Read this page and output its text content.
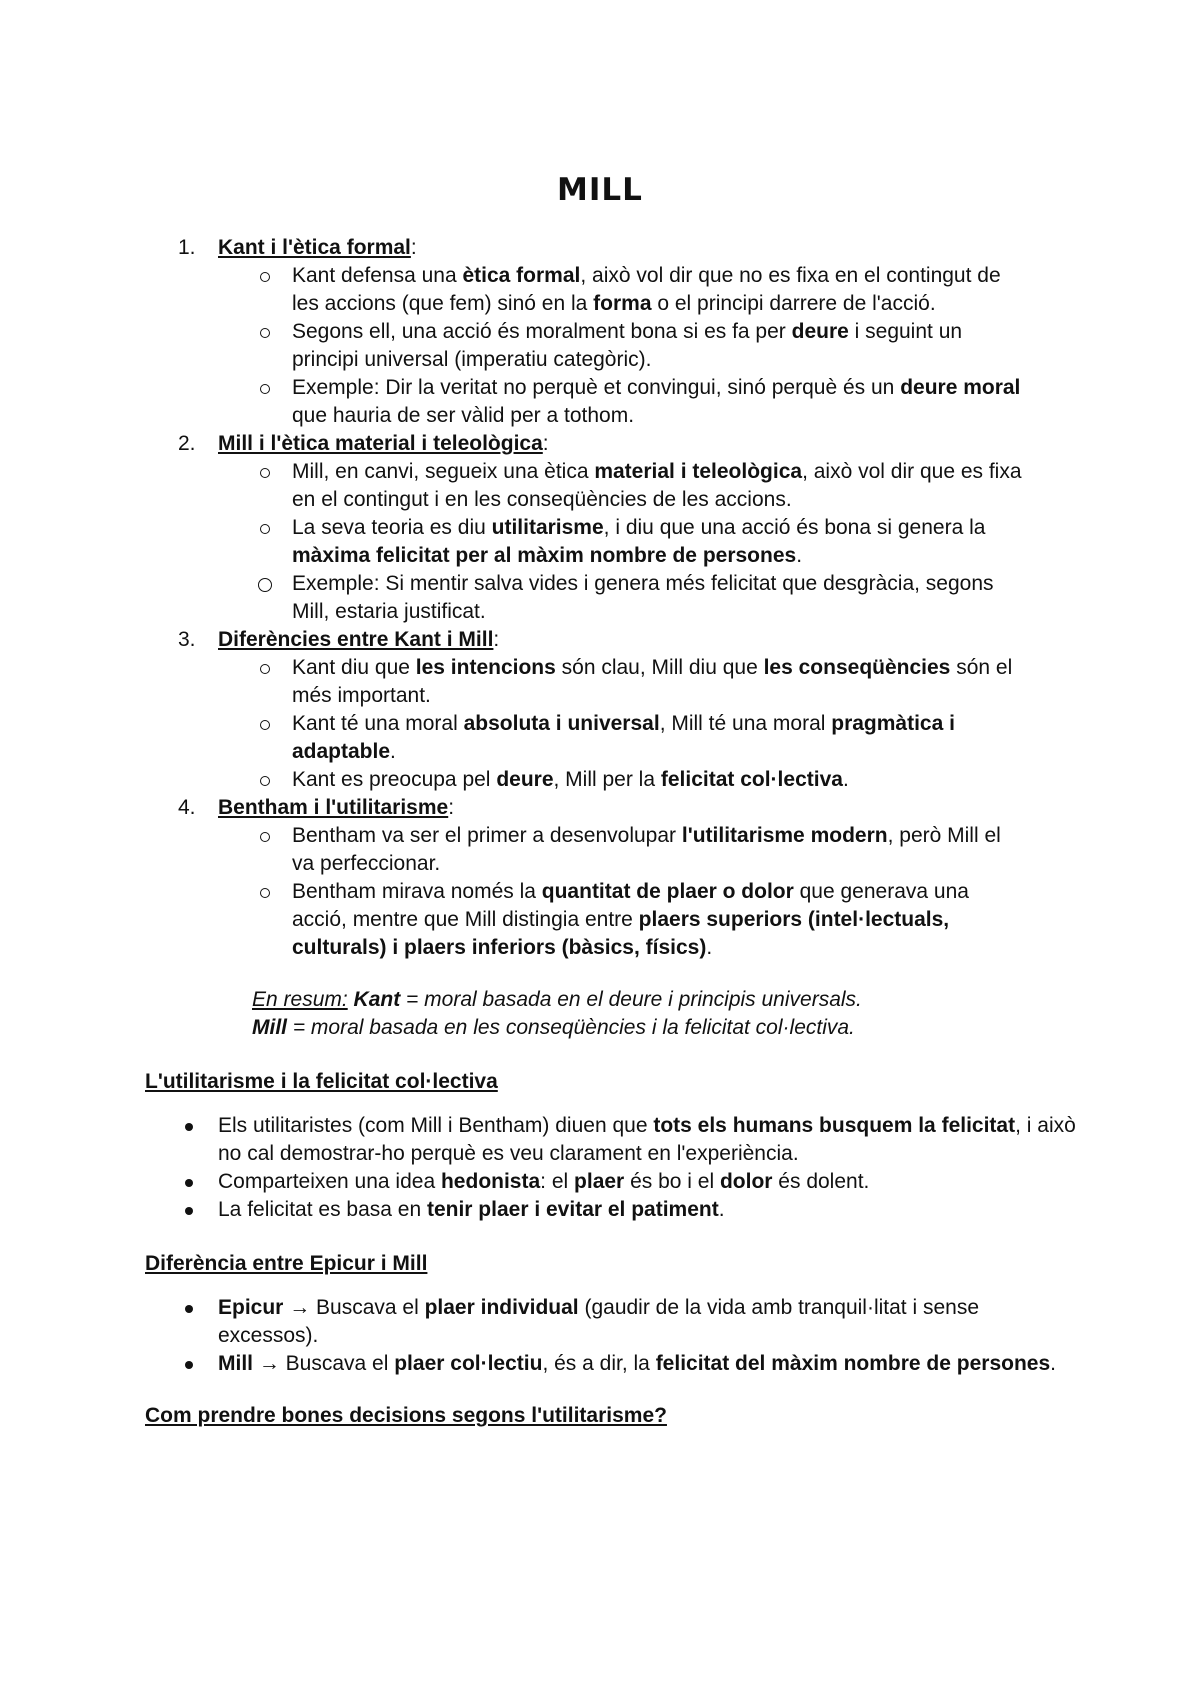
MILL
1.	Kant i l'ètica formal:
Kant defensa una ètica formal, això vol dir que no es fixa en el contingut de les accions (que fem) sinó en la forma o el principi darrere de l'acció.
Segons ell, una acció és moralment bona si es fa per deure i seguint un principi universal (imperatiu categòric).
Exemple: Dir la veritat no perquè et convingui, sinó perquè és un deure moral que hauria de ser vàlid per a tothom.
2.	Mill i l'ètica material i teleològica:
Mill, en canvi, segueix una ètica material i teleològica, això vol dir que es fixa en el contingut i en les conseqüències de les accions.
La seva teoria es diu utilitarisme, i diu que una acció és bona si genera la màxima felicitat per al màxim nombre de persones.
Exemple: Si mentir salva vides i genera més felicitat que desgràcia, segons Mill, estaria justificat.
3.	Diferències entre Kant i Mill:
Kant diu que les intencions són clau, Mill diu que les conseqüències són el més important.
Kant té una moral absoluta i universal, Mill té una moral pragmàtica i adaptable.
Kant es preocupa pel deure, Mill per la felicitat col·lectiva.
4.	Bentham i l'utilitarisme:
Bentham va ser el primer a desenvolupar l'utilitarisme modern, però Mill el va perfeccionar.
Bentham mirava només la quantitat de plaer o dolor que generava una acció, mentre que Mill distingia entre plaers superiors (intel·lectuals, culturals) i plaers inferiors (bàsics, físics).
En resum: Kant = moral basada en el deure i principis universals.
Mill = moral basada en les conseqüències i la felicitat col·lectiva.
L'utilitarisme i la felicitat col·lectiva
Els utilitaristes (com Mill i Bentham) diuen que tots els humans busquem la felicitat, i això no cal demostrar-ho perquè es veu clarament en l'experiència.
Comparteixen una idea hedonista: el plaer és bo i el dolor és dolent.
La felicitat es basa en tenir plaer i evitar el patiment.
Diferència entre Epicur i Mill
Epicur → Buscava el plaer individual (gaudir de la vida amb tranquil·litat i sense excessos).
Mill → Buscava el plaer col·lectiu, és a dir, la felicitat del màxim nombre de persones.
Com prendre bones decisions segons l'utilitarisme?
